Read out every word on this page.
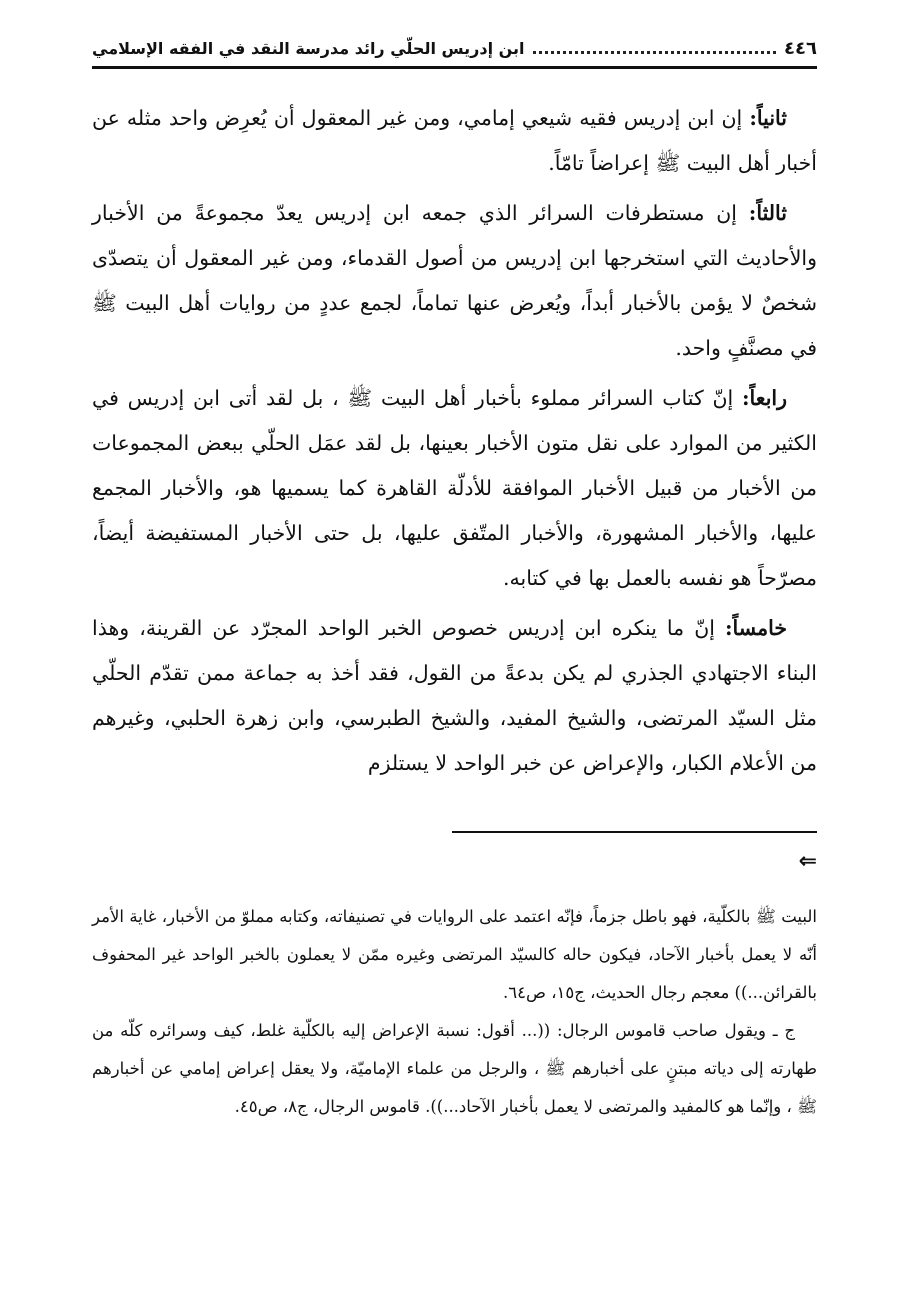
٤٤٦
ابن إدريس الحلّي رائد مدرسة النقد في الفقه الإسلامي

ثانياً: إن ابن إدريس فقيه شيعي إمامي، ومن غير المعقول أن يُعرِض واحد مثله عن أخبار أهل البيت ﷺ إعراضاً تامّاً.

ثالثاً: إن مستطرفات السرائر الذي جمعه ابن إدريس يعدّ مجموعةً من الأخبار والأحاديث التي استخرجها ابن إدريس من أصول القدماء، ومن غير المعقول أن يتصدّى شخصٌ لا يؤمن بالأخبار أبداً، ويُعرض عنها تماماً، لجمع عددٍ من روايات أهل البيت ﷺ في مصنَّفٍ واحد.

رابعاً: إنّ كتاب السرائر مملوء بأخبار أهل البيت ﷺ ، بل لقد أتى ابن إدريس في الكثير من الموارد على نقل متون الأخبار بعينها، بل لقد عمَل الحلّي ببعض المجموعات من الأخبار من قبيل الأخبار الموافقة للأدلّة القاهرة كما يسميها هو، والأخبار المجمع عليها، والأخبار المشهورة، والأخبار المتّفق عليها، بل حتى الأخبار المستفيضة أيضاً، مصرّحاً هو نفسه بالعمل بها في كتابه.

خامساً: إنّ ما ينكره ابن إدريس خصوص الخبر الواحد المجرّد عن القرينة، وهذا البناء الاجتهادي الجذري لم يكن بدعةً من القول، فقد أخذ به جماعة ممن تقدّم الحلّي مثل السيّد المرتضى، والشيخ المفيد، والشيخ الطبرسي، وابن زهرة الحلبي، وغيرهم من الأعلام الكبار، والإعراض عن خبر الواحد لا يستلزم

⇐

البيت ﷺ بالكلّية، فهو باطل جزماً، فإنّه اعتمد على الروايات في تصنيفاته، وكتابه مملوّ من الأخبار، غاية الأمر أنّه لا يعمل بأخبار الآحاد، فيكون حاله كالسيّد المرتضى وغيره ممّن لا يعملون بالخبر الواحد غير المحفوف بالقرائن...)) معجم رجال الحديث، ج١٥، ص٦٤.

ج ـ ويقول صاحب قاموس الرجال: ((... أقول: نسبة الإعراض إليه بالكلّية غلط، كيف وسرائره كلّه من طهارته إلى دياته مبتنٍ على أخبارهم ﷺ ، والرجل من علماء الإماميّة، ولا يعقل إعراض إمامي عن أخبارهم ﷺ ، وإنّما هو كالمفيد والمرتضى لا يعمل بأخبار الآحاد...)). قاموس الرجال، ج٨، ص٤٥.
